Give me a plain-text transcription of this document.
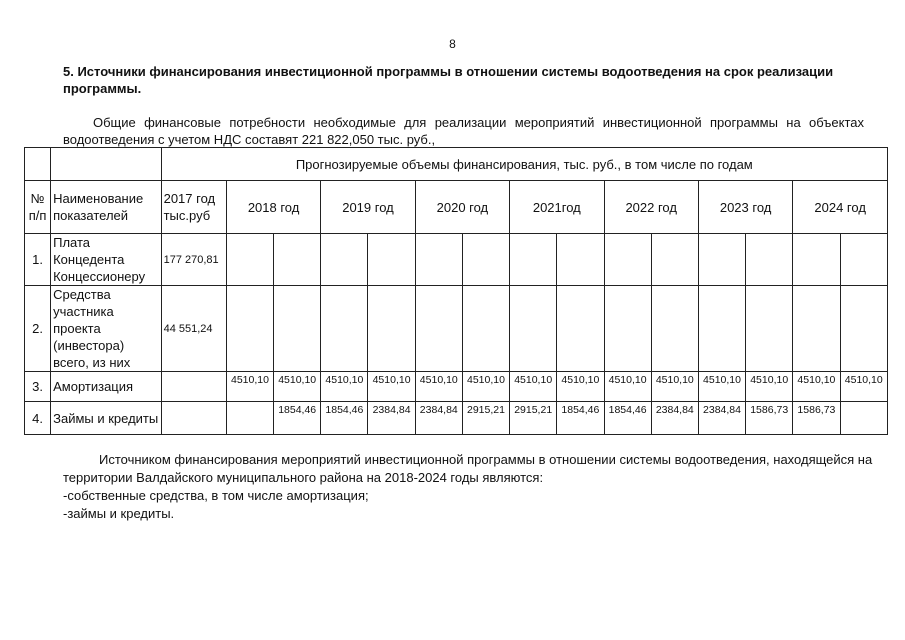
8
5. Источники финансирования инвестиционной программы в отношении системы водоотведения на срок реализации программы.

Общие финансовые потребности необходимые для реализации мероприятий инвестиционной программы на объектах водоотведения с учетом НДС составят 221 822,050 тыс. руб.,

		Прогнозируемые объемы финансирования, тыс. руб., в том числе по годам														
№ п/п	Наименование показателей	2017 год тыс.руб	2018 год		2019 год		2020 год		2021год		2022 год		2023 год		2024 год	
1.	Плата Концедента Концессионеру	177 270,81														
2.	Средства участника проекта (инвестора) всего, из них	44 551,24														
3.	Амортизация		4510,10	4510,10	4510,10	4510,10	4510,10	4510,10	4510,10	4510,10	4510,10	4510,10	4510,10	4510,10	4510,10	4510,10
4.	Займы и кредиты			1854,46	1854,46	2384,84	2384,84	2915,21	2915,21	1854,46	1854,46	2384,84	2384,84	1586,73	1586,73	

Источником финансирования мероприятий инвестиционной программы в отношении системы водоотведения, находящейся на территории Валдайского муниципального района на 2018-2024 годы являются:

-собственные средства, в том числе амортизация;

-займы и кредиты.
